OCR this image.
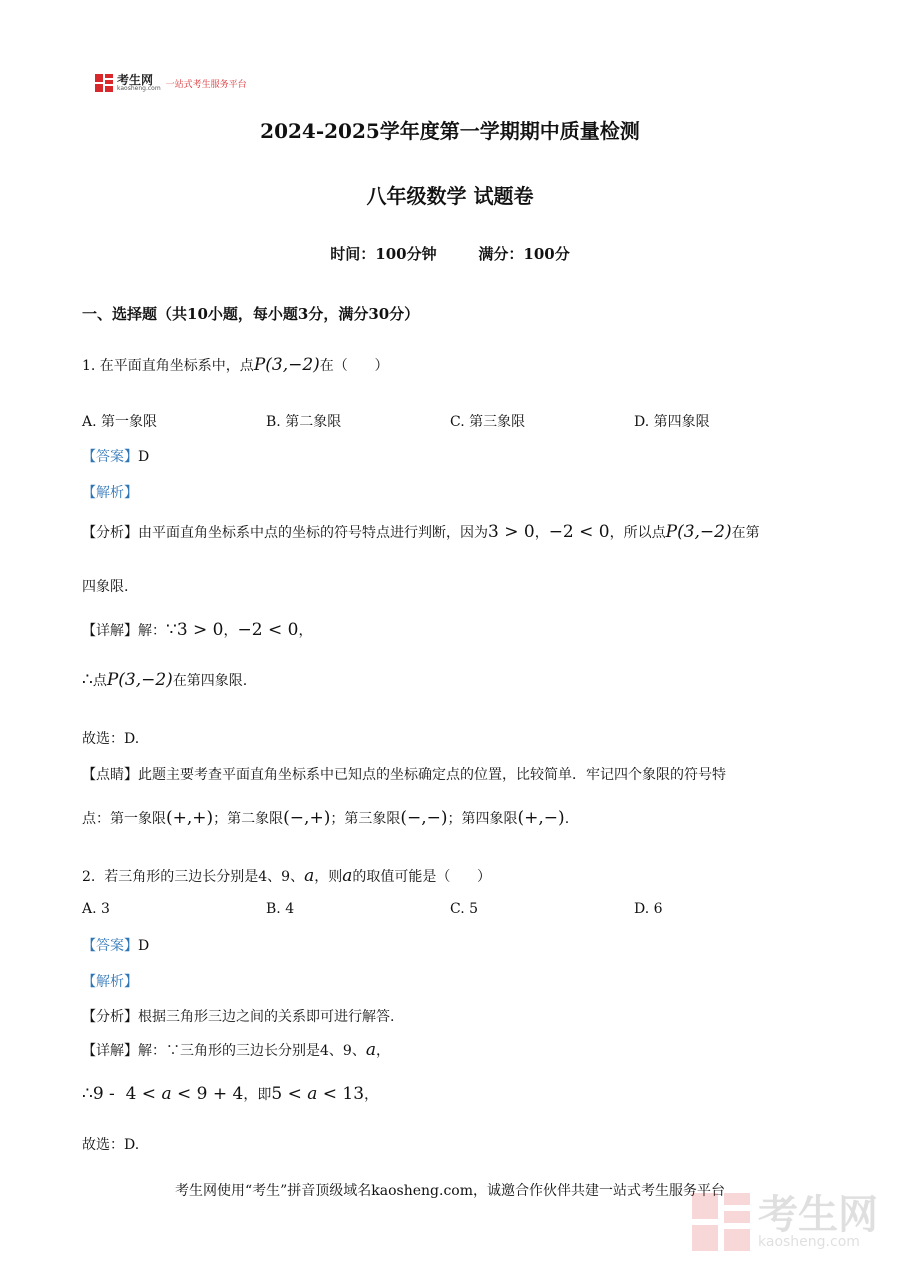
考生网
kaosheng.com 一站式考生服务平台
2024-2025学年度第一学期期中质量检测
八年级数学 试题卷
时间：100分钟        满分：100分
一、选择题（共10小题，每小题3分，满分30分）
1. 在平面直角坐标系中，点P(3,−2)在（      ）
A. 第一象限	B. 第二象限	C. 第三象限	D. 第四象限
【答案】D
【解析】
【分析】由平面直角坐标系中点的坐标的符号特点进行判断，因为3 > 0，−2 < 0，所以点P(3,−2)在第
四象限.
【详解】解：∵3 > 0，−2 < 0，
∴点P(3,−2)在第四象限.
故选：D.
【点睛】此题主要考查平面直角坐标系中已知点的坐标确定点的位置，比较简单．牢记四个象限的符号特
点：第一象限(+,+)；第二象限(−,+)；第三象限(−,−)；第四象限(+,−).
2.  若三角形的三边长分别是4、9、a，则a的取值可能是（      ）
A. 3	B. 4	C. 5	D. 6
【答案】D
【解析】
【分析】根据三角形三边之间的关系即可进行解答.
【详解】解：∵三角形的三边长分别是4、9、a，
∴9 -  4 < a < 9 + 4，即5 < a < 13，
故选：D.
考生网使用“考生”拼音顶级域名kaosheng.com，诚邀合作伙伴共建一站式考生服务平台
考生网
kaosheng.com
